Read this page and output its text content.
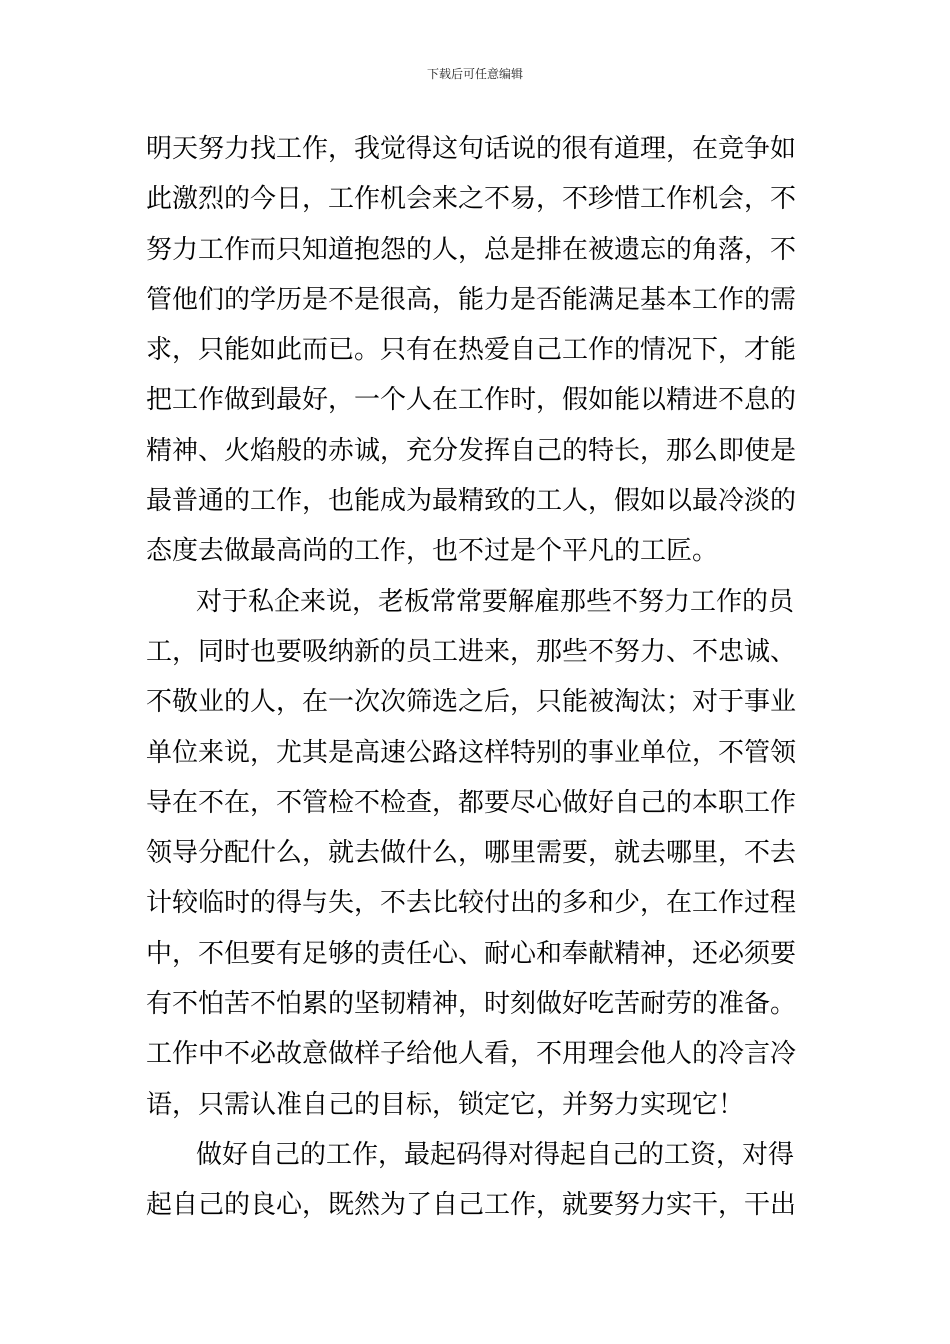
下载后可任意编辑
明天努力找工作，我觉得这句话说的很有道理，在竞争如
此激烈的今日，工作机会来之不易，不珍惜工作机会，不
努力工作而只知道抱怨的人，总是排在被遗忘的角落，不
管他们的学历是不是很高，能力是否能满足基本工作的需
求，只能如此而已。只有在热爱自己工作的情况下，才能
把工作做到最好，一个人在工作时，假如能以精进不息的
精神、火焰般的赤诚，充分发挥自己的特长，那么即使是
最普通的工作，也能成为最精致的工人，假如以最冷淡的
态度去做最高尚的工作，也不过是个平凡的工匠。
对于私企来说，老板常常要解雇那些不努力工作的员
工，同时也要吸纳新的员工进来，那些不努力、不忠诚、
不敬业的人，在一次次筛选之后，只能被淘汰；对于事业
单位来说，尤其是高速公路这样特别的事业单位，不管领
导在不在，不管检不检查，都要尽心做好自己的本职工作
领导分配什么，就去做什么，哪里需要，就去哪里，不去
计较临时的得与失，不去比较付出的多和少，在工作过程
中，不但要有足够的责任心、耐心和奉献精神，还必须要
有不怕苦不怕累的坚韧精神，时刻做好吃苦耐劳的准备。
工作中不必故意做样子给他人看，不用理会他人的冷言冷
语，只需认准自己的目标，锁定它，并努力实现它！
做好自己的工作，最起码得对得起自己的工资，对得
起自己的良心，既然为了自己工作，就要努力实干，干出
